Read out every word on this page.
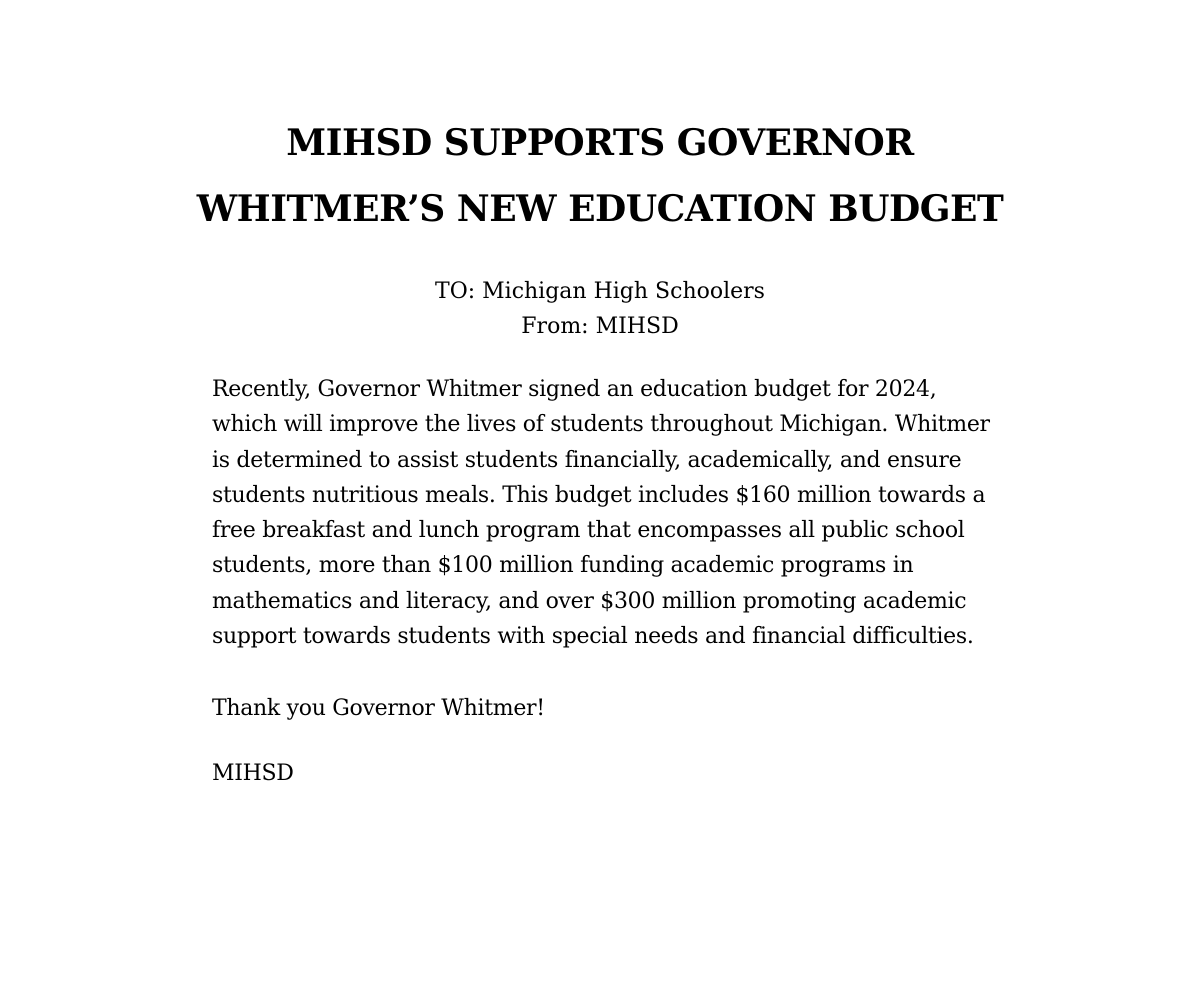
MIHSD SUPPORTS GOVERNOR
WHITMER’S NEW EDUCATION BUDGET
TO: Michigan High Schoolers
From: MIHSD

Recently, Governor Whitmer signed an education budget for 2024,
which will improve the lives of students throughout Michigan. Whitmer
is determined to assist students financially, academically, and ensure
students nutritious meals. This budget includes $160 million towards a
free breakfast and lunch program that encompasses all public school
students, more than $100 million funding academic programs in
mathematics and literacy, and over $300 million promoting academic
support towards students with special needs and financial difficulties.

Thank you Governor Whitmer!

MIHSD
